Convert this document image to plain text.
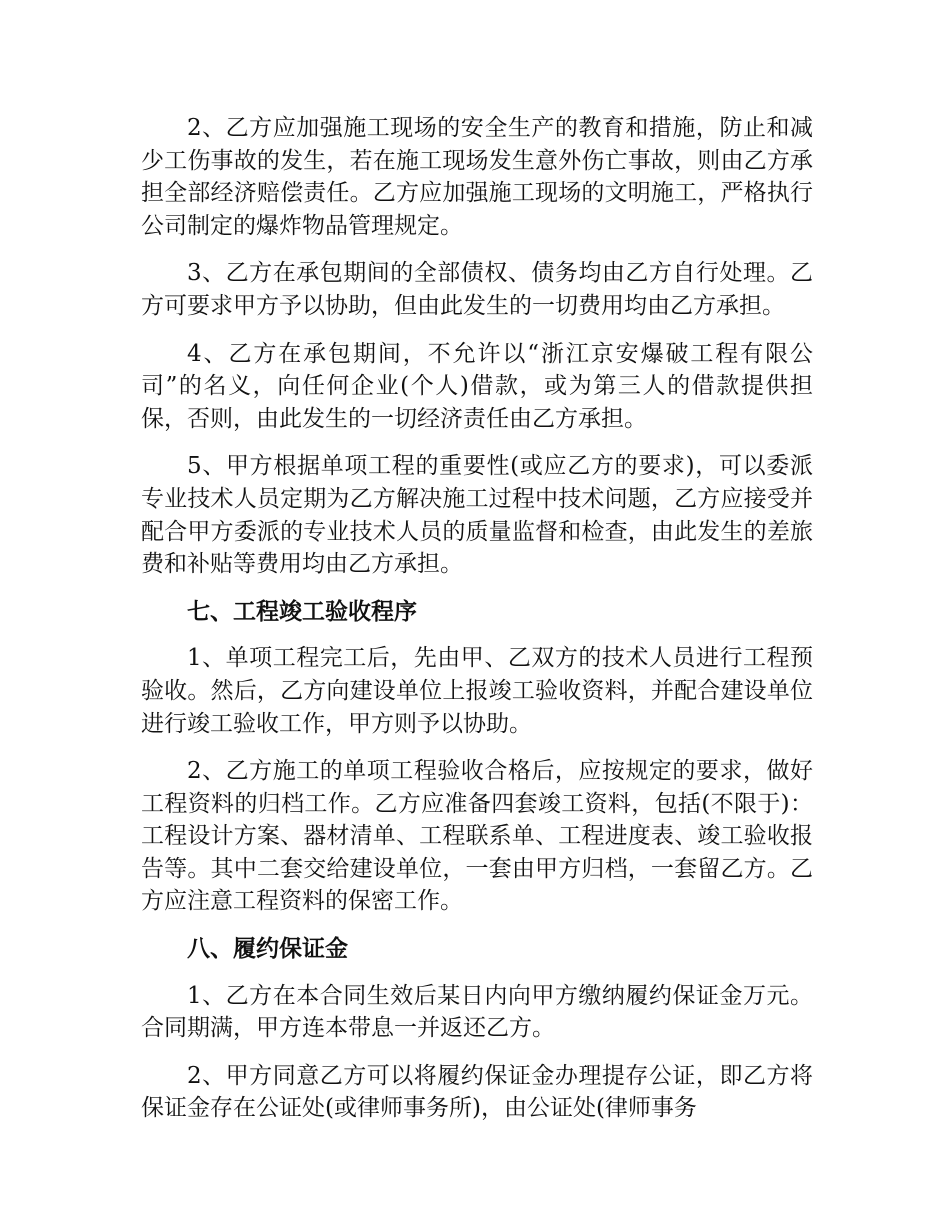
2、乙方应加强施工现场的安全生产的教育和措施，防止和减少工伤事故的发生，若在施工现场发生意外伤亡事故，则由乙方承担全部经济赔偿责任。乙方应加强施工现场的文明施工，严格执行公司制定的爆炸物品管理规定。

3、乙方在承包期间的全部债权、债务均由乙方自行处理。乙方可要求甲方予以协助，但由此发生的一切费用均由乙方承担。

4、乙方在承包期间，不允许以“浙江京安爆破工程有限公司”的名义，向任何企业(个人)借款，或为第三人的借款提供担保，否则，由此发生的一切经济责任由乙方承担。

5、甲方根据单项工程的重要性(或应乙方的要求)，可以委派专业技术人员定期为乙方解决施工过程中技术问题，乙方应接受并配合甲方委派的专业技术人员的质量监督和检查，由此发生的差旅费和补贴等费用均由乙方承担。

七、工程竣工验收程序

1、单项工程完工后，先由甲、乙双方的技术人员进行工程预验收。然后，乙方向建设单位上报竣工验收资料，并配合建设单位进行竣工验收工作，甲方则予以协助。

2、乙方施工的单项工程验收合格后，应按规定的要求，做好工程资料的归档工作。乙方应准备四套竣工资料，包括(不限于)：工程设计方案、器材清单、工程联系单、工程进度表、竣工验收报告等。其中二套交给建设单位，一套由甲方归档，一套留乙方。乙方应注意工程资料的保密工作。

八、履约保证金

1、乙方在本合同生效后某日内向甲方缴纳履约保证金万元。合同期满，甲方连本带息一并返还乙方。

2、甲方同意乙方可以将履约保证金办理提存公证，即乙方将保证金存在公证处(或律师事务所)，由公证处(律师事务
